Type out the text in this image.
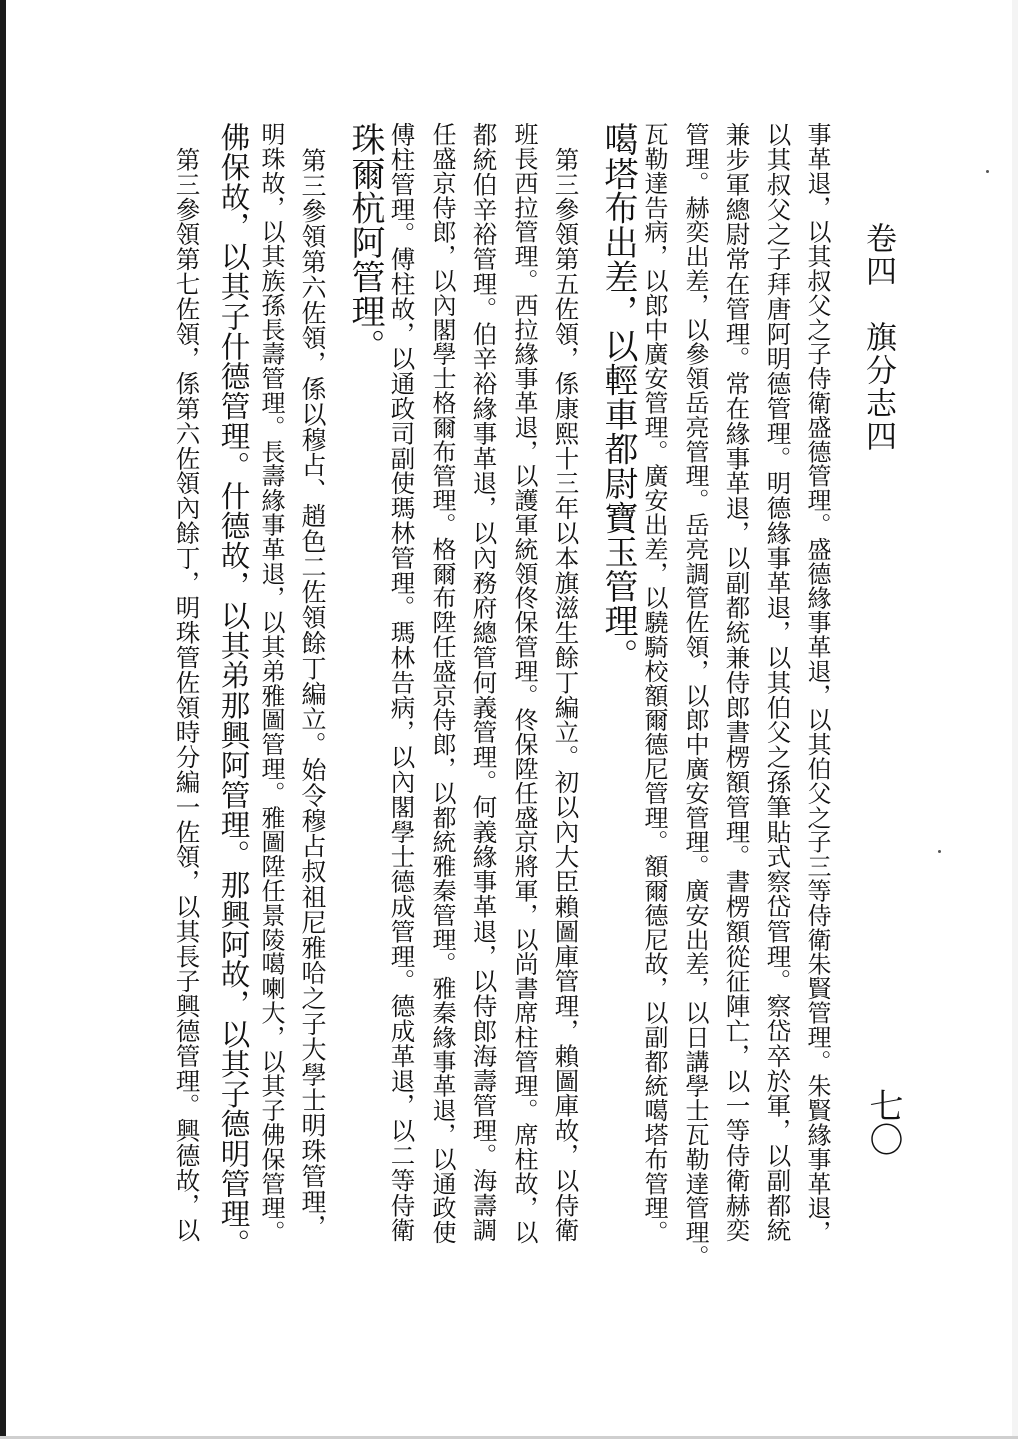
卷四　旗分志四
七〇
事革退，以其叔父之子侍衛盛德管理。盛德緣事革退，以其伯父之子三等侍衛朱賢管理。朱賢緣事革退，
以其叔父之子拜唐阿明德管理。明德緣事革退，以其伯父之孫筆貼式察岱管理。察岱卒於軍，以副都統
兼步軍總尉常在管理。常在緣事革退，以副都統兼侍郎書楞額管理。書楞額從征陣亡，以一等侍衛赫奕
管理。赫奕出差，以參領岳亮管理。岳亮調管佐領，以郎中廣安管理。廣安出差，以日講學士瓦勒達管理。
瓦勒達告病，以郎中廣安管理。廣安出差，以驍騎校額爾德尼管理。額爾德尼故，以副都統噶塔布管理。
噶塔布出差，以輕車都尉寶玉管理。
　第三參領第五佐領，係康熙十三年以本旗滋生餘丁編立。初以內大臣賴圖庫管理，賴圖庫故，以侍衛
班長西拉管理。西拉緣事革退，以護軍統領佟保管理。佟保陞任盛京將軍，以尚書席柱管理。席柱故，以
都統伯辛裕管理。伯辛裕緣事革退，以內務府總管何義管理。何義緣事革退，以侍郎海壽管理。海壽調
任盛京侍郎，以內閣學士格爾布管理。格爾布陞任盛京侍郎，以都統雅秦管理。雅秦緣事革退，以通政使
傅柱管理。傅柱故，以通政司副使瑪林管理。瑪林告病，以內閣學士德成管理。德成革退，以二等侍衛
珠爾杭阿管理。
　第三參領第六佐領，係以穆占、趙色二佐領餘丁編立。始令穆占叔祖尼雅哈之子大學士明珠管理，
明珠故，以其族孫長壽管理。長壽緣事革退，以其弟雅圖管理。雅圖陞任景陵噶喇大，以其子佛保管理。
佛保故，以其子什德管理。什德故，以其弟那興阿管理。那興阿故，以其子德明管理。
　第三參領第七佐領，係第六佐領內餘丁，明珠管佐領時分編一佐領，以其長子興德管理。興德故，以
